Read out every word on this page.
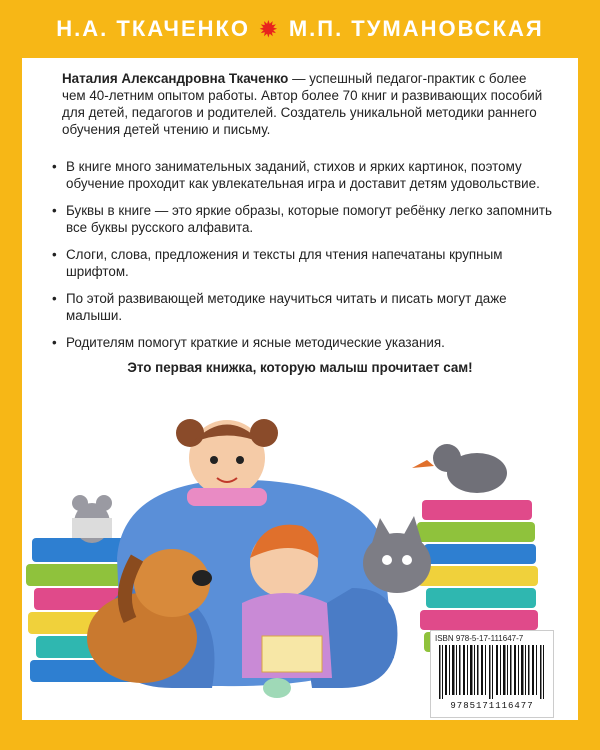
Н.А. ТКАЧЕНКО ✹ М.П. ТУМАНОВСКАЯ
Наталия Александровна Ткаченко — успешный педагог-практик с более чем 40-летним опытом работы. Автор более 70 книг и развивающих пособий для детей, педагогов и родителей. Создатель уникальной методики раннего обучения детей чтению и письму.
• В книге много занимательных заданий, стихов и ярких картинок, поэтому обучение проходит как увлекательная игра и доставит детям удовольствие.
• Буквы в книге — это яркие образы, которые помогут ребёнку легко запомнить все буквы русского алфавита.
• Слоги, слова, предложения и тексты для чтения напечатаны крупным шрифтом.
• По этой развивающей методике научиться читать и писать могут даже малыши.
• Родителям помогут краткие и ясные методические указания.
Это первая книжка, которую малыш прочитает сам!
ISBN 978-5-17-111647-7
9785171116477
